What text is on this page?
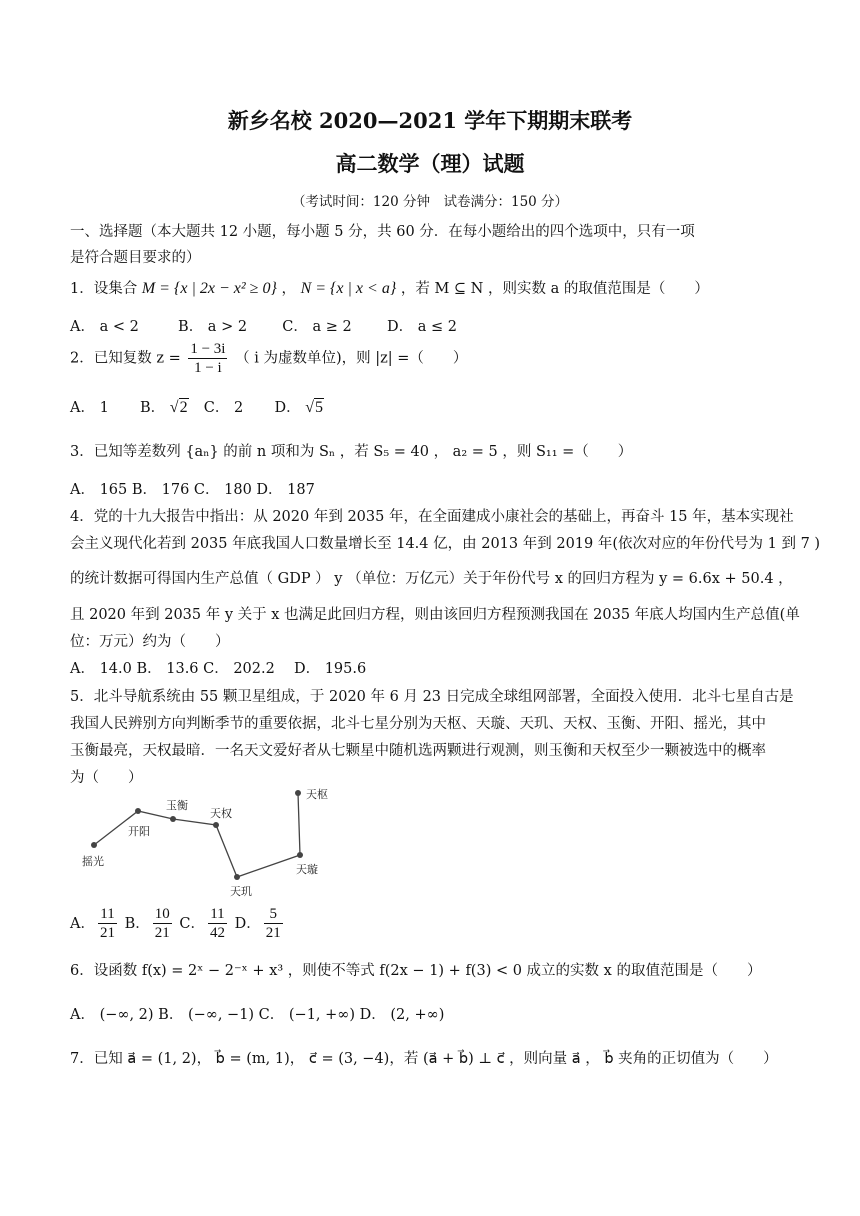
新乡名校 2020—2021 学年下期期末联考
高二数学（理）试题
（考试时间：120 分钟　试卷满分：150 分）
一、选择题（本大题共 12 小题，每小题 5 分，共 60 分．在每小题给出的四个选项中，只有一项
是符合题目要求的）
1．设集合 M = {x | 2x − x² ≥ 0} ， N = {x | x < a} ，若 M ⊆ N ，则实数 a 的取值范围是（　　）
A． a < 2	B． a > 2 C． a ≥ 2 D． a ≤ 2
2．已知复数 $z = \frac{1 - 3i}{1 - i}$ （ i 为虚数单位)，则 |z| =（　　）
A． 1 B． √2 C． 2 D． √5
3．已知等差数列 {aₙ} 的前 n 项和为 Sₙ ，若 S₅ = 40 ， a₂ = 5 ，则 S₁₁ =（　　）
A． 165 B． 176 C． 180 D． 187
4．党的十九大报告中指出：从 2020 年到 2035 年，在全面建成小康社会的基础上，再奋斗 15 年，基本实现社
会主义现代化若到 2035 年底我国人口数量增长至 14.4 亿，由 2013 年到 2019 年(依次对应的年份代号为 1 到 7 )
的统计数据可得国内生产总值（ GDP ） y （单位：万亿元）关于年份代号 x 的回归方程为 y = 6.6x + 50.4 ，
且 2020 年到 2035 年 y 关于 x 也满足此回归方程，则由该回归方程预测我国在 2035 年底人均国内生产总值(单
位：万元）约为（　　）
A． 14.0 B． 13.6 C． 202.2　 D． 195.6
5．北斗导航系统由 55 颗卫星组成，于 2020 年 6 月 23 日完成全球组网部署，全面投入使用．北斗七星自古是
我国人民辨别方向判断季节的重要依据，北斗七星分别为天枢、天璇、天玑、天权、玉衡、开阳、摇光，其中
玉衡最亮，天权最暗．一名天文爱好者从七颗星中随机选两颗进行观测，则玉衡和天权至少一颗被选中的概率
为（　　）
天枢
天璇
天玑
天权
玉衡
开阳
摇光
A． $\frac{11}{21}$ B． $\frac{10}{21}$ C． $\frac{11}{42}$ D． $\frac{5}{21}$
6．设函数 f(x) = 2ˣ − 2⁻ˣ + x³ ，则使不等式 f(2x − 1) + f(3) < 0 成立的实数 x 的取值范围是（　　）
A． (−∞, 2) B． (−∞, −1) C． (−1, +∞) D． (2, +∞)
7．已知 a⃗ = (1, 2)， b⃗ = (m, 1)， c⃗ = (3, −4)，若 (a⃗ + b⃗) ⊥ c⃗ ，则向量 a⃗ ， b⃗ 夹角的正切值为（　　）
